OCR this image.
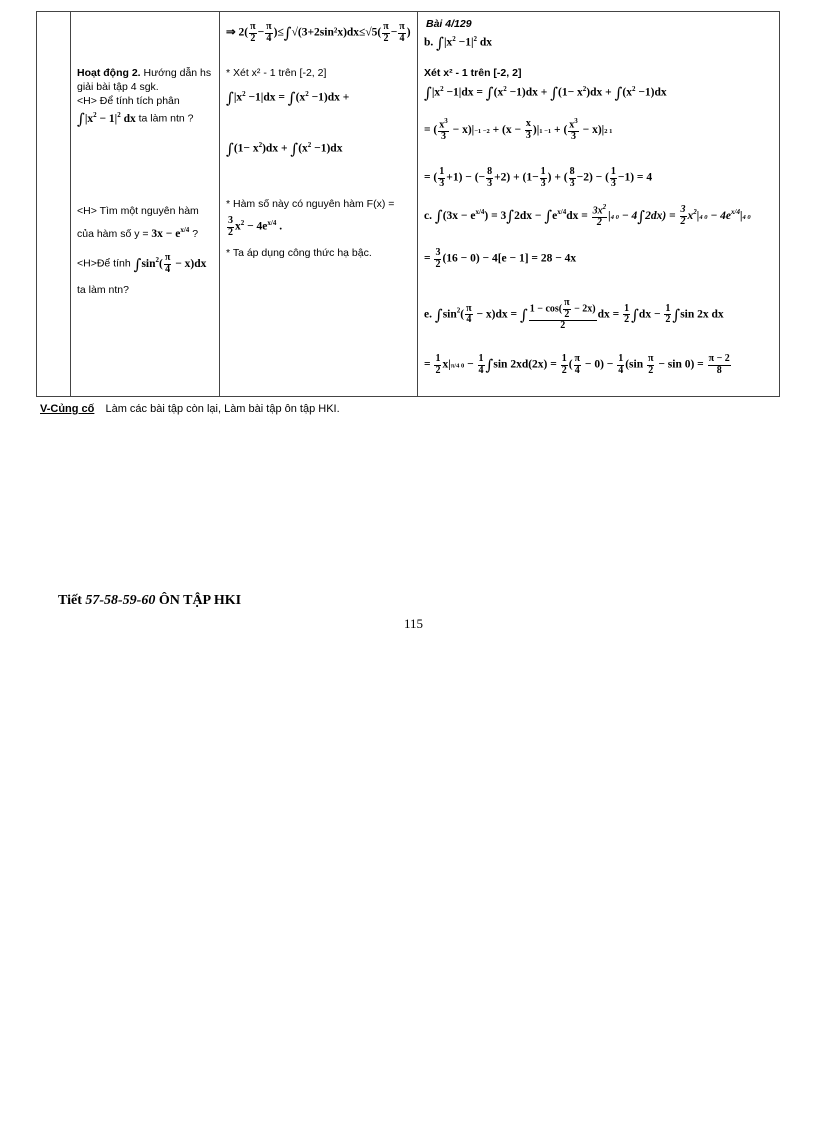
Hoạt động 2. Hướng dẫn hs
giải bài tập 4 sgk.
<H> Để tính tích phân
$\int|x^2 - 1|^2$ dx ta làm ntn ?
<H> Tìm một nguyên hàm
của hàm số $y = 3x - e^{x/4}$ ?
<H>Để tính $\int\sin^2( \frac{\pi}{4} - x)dx$
ta làm ntn?

⇒ $2( \frac{\pi}{2} - \frac{\pi}{4} )\le\int√(3+2\sin^2x)dx\le√5( \frac{\pi}{2} - \frac{\pi}{4}$ )
* Xét x² - 1 trên [-2, 2]
$\int|x^2 -1|dx = \int(x^2 -1)dx$ +
$\int(1- x^2)dx + \int(x^2 -1)dx$
* Hàm số này có nguyên hàm F(x) =
$\frac{3}{2} x^2 - 4e^{x/4}$ .
* Ta áp dụng công thức hạ bậc.

Bài 4/129
b. $\int|x^2 -1|^2$ dx
Xét x² - 1 trên [-2, 2]
$\int|x^2 -1|dx = \int(x^2 -1)dx + \int(1- x^2)dx + \int(x^2 -1)dx$
= ( $\frac{x^3}{3} - x)|-1 -2 + (x - \frac{x}{3} )|1 -1$ + ( $\frac{x^3}{3} - x)|2$ 1
= ( $\frac{1}{3} +1$) − (− $\frac{8}{3} +2) + (1- \frac{1}{3}$ ) + ( $\frac{8}{3} -2$) − ( $\frac{1}{3} -1) = 4$
c. $\int(3x - e^{x/4}) = 3\int 2dx - \int e^{x/4}dx = \frac{3x^2}{2} |4$ $0 - 4\int 2dx) = \frac{3}{2} x^2|4$ $0 - 4e^{x/4}|4$ 0
= $\frac{3}{2} (16 - 0) - 4[e - 1] = 28 - 4x$
e. $\int\sin^2( \frac{\pi}{4} - x)dx$ = ∫ $\frac{1 - \cos( \frac{\pi}{2} - 2x)}{2}$ dx = $\frac{1}{2} \int dx - \frac{1}{2} \int\sin$ 2x dx
= $\frac{1}{2} x|\pi/4$ $0 - \frac{1}{4} \int\sin$ $2xd(2x) = \frac{1}{2}$ ( $\frac{\pi}{4} - 0) - \frac{1}{4} (\sin \frac{\pi}{2} - \sin 0) = \frac{\pi - 2}{8}$
V-Củng cố Làm các bài tập còn lại, Làm bài tập ôn tập HKI.
Tiết 57-58-59-60 ÔN TẬP HKI
115
